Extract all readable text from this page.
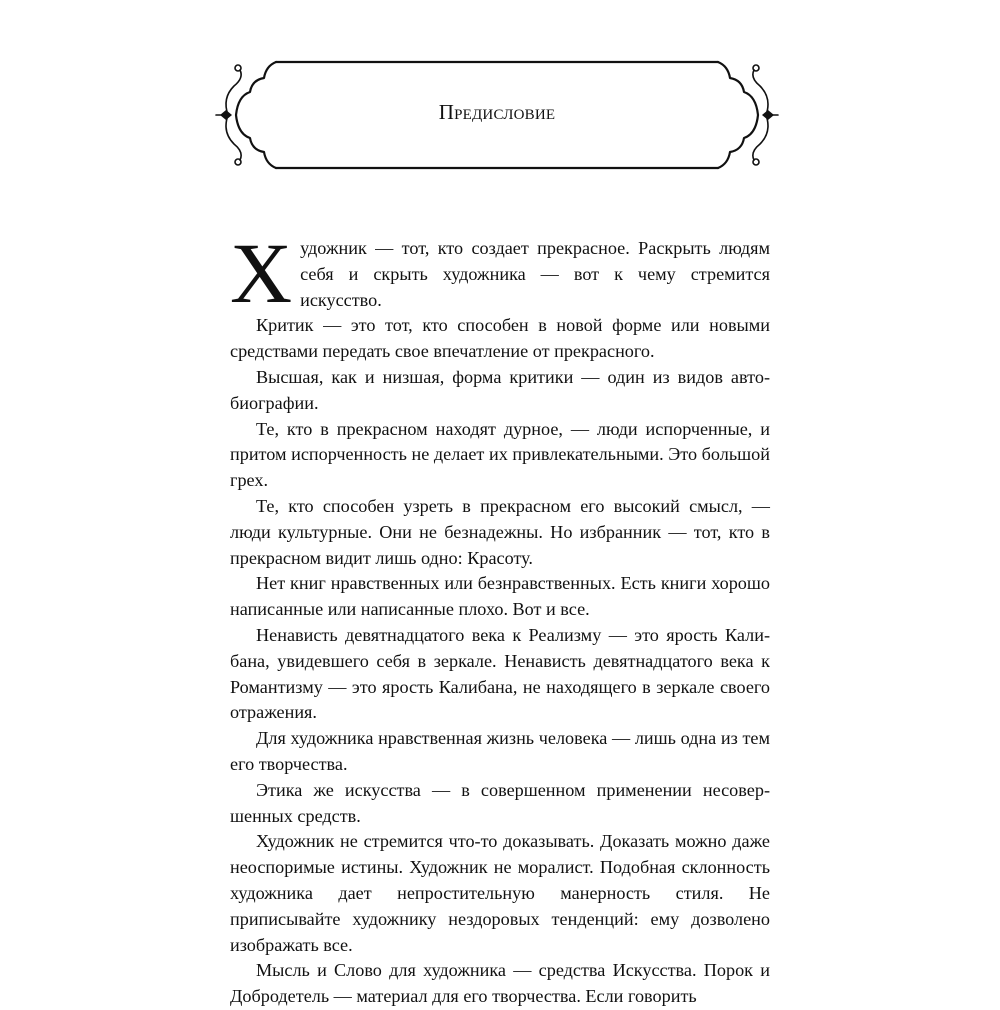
Предисловие

Художник — тот, кто создает прекрасное. Раскрыть людям себя и скрыть художника — вот к чему стремится искусство.

Критик — это тот, кто способен в новой форме или новыми средствами передать свое впечатление от прекрасного.

Высшая, как и низшая, форма критики — один из видов автобиографии.

Те, кто в прекрасном находят дурное, — люди испорченные, и притом испорченность не делает их привлекательными. Это большой грех.

Те, кто способен узреть в прекрасном его высокий смысл, — люди культурные. Они не безнадежны. Но избранник — тот, кто в прекрасном видит лишь одно: Красоту.

Нет книг нравственных или безнравственных. Есть книги хорошо написанные или написанные плохо. Вот и все.

Ненависть девятнадцатого века к Реализму — это ярость Калибана, увидевшего себя в зеркале. Ненависть девятнадцатого века к Романтизму — это ярость Калибана, не находящего в зеркале своего отражения.

Для художника нравственная жизнь человека — лишь одна из тем его творчества.

Этика же искусства — в совершенном применении несовершенных средств.

Художник не стремится что-то доказывать. Доказать можно даже неоспоримые истины. Художник не моралист. Подобная склонность художника дает непростительную манерность стиля. Не приписывайте художнику нездоровых тенденций: ему дозволено изображать все.

Мысль и Слово для художника — средства Искусства. Порок и Добродетель — материал для его творчества. Если говорить
